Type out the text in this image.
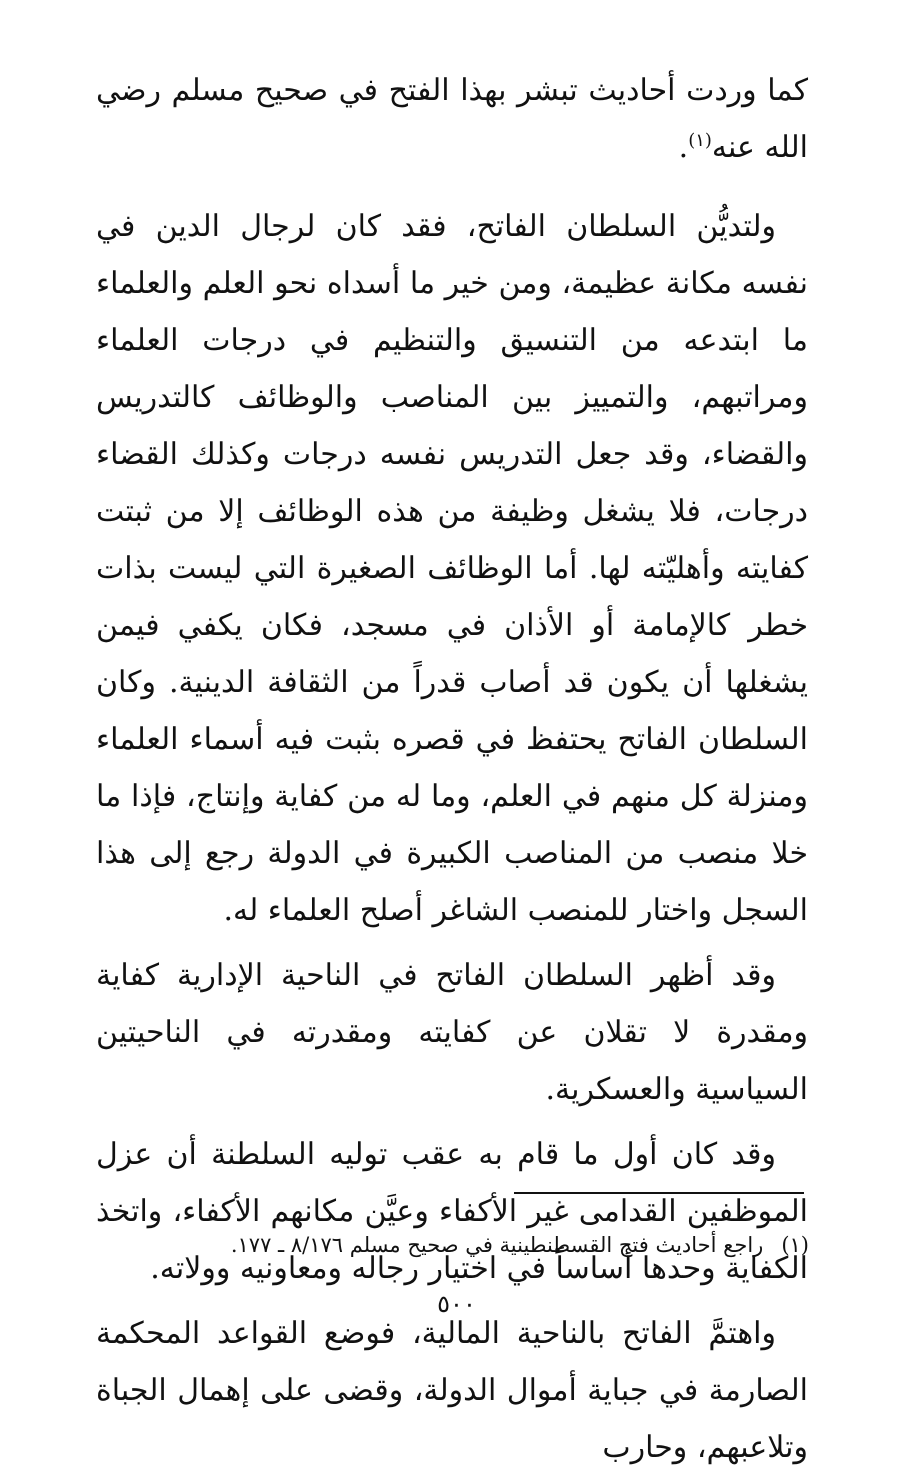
كما وردت أحاديث تبشر بهذا الفتح في صحيح مسلم رضي الله عنه$^{(١)}$.

ولتديُّن السلطان الفاتح، فقد كان لرجال الدين في نفسه مكانة عظيمة، ومن خير ما أسداه نحو العلم والعلماء ما ابتدعه من التنسيق والتنظيم في درجات العلماء ومراتبهم، والتمييز بين المناصب والوظائف كالتدريس والقضاء، وقد جعل التدريس نفسه درجات وكذلك القضاء درجات، فلا يشغل وظيفة من هذه الوظائف إلا من ثبتت كفايته وأهليّته لها. أما الوظائف الصغيرة التي ليست بذات خطر كالإمامة أو الأذان في مسجد، فكان يكفي فيمن يشغلها أن يكون قد أصاب قدراً من الثقافة الدينية. وكان السلطان الفاتح يحتفظ في قصره بثبت فيه أسماء العلماء ومنزلة كل منهم في العلم، وما له من كفاية وإنتاج، فإذا ما خلا منصب من المناصب الكبيرة في الدولة رجع إلى هذا السجل واختار للمنصب الشاغر أصلح العلماء له.

وقد أظهر السلطان الفاتح في الناحية الإدارية كفاية ومقدرة لا تقلان عن كفايته ومقدرته في الناحيتين السياسية والعسكرية.

وقد كان أول ما قام به عقب توليه السلطنة أن عزل الموظفين القدامى غير الأكفاء وعيَّن مكانهم الأكفاء، واتخذ الكفاية وحدها أساساً في اختيار رجاله ومعاونيه وولاته.

واهتمَّ الفاتح بالناحية المالية، فوضع القواعد المحكمة الصارمة في جباية أموال الدولة، وقضى على إهمال الجباة وتلاعبهم، وحارب

(١)راجع أحاديث فتح القسطنطينية في صحيح مسلم ٨/١٧٦ ـ ١٧٧.
٥٠٠
